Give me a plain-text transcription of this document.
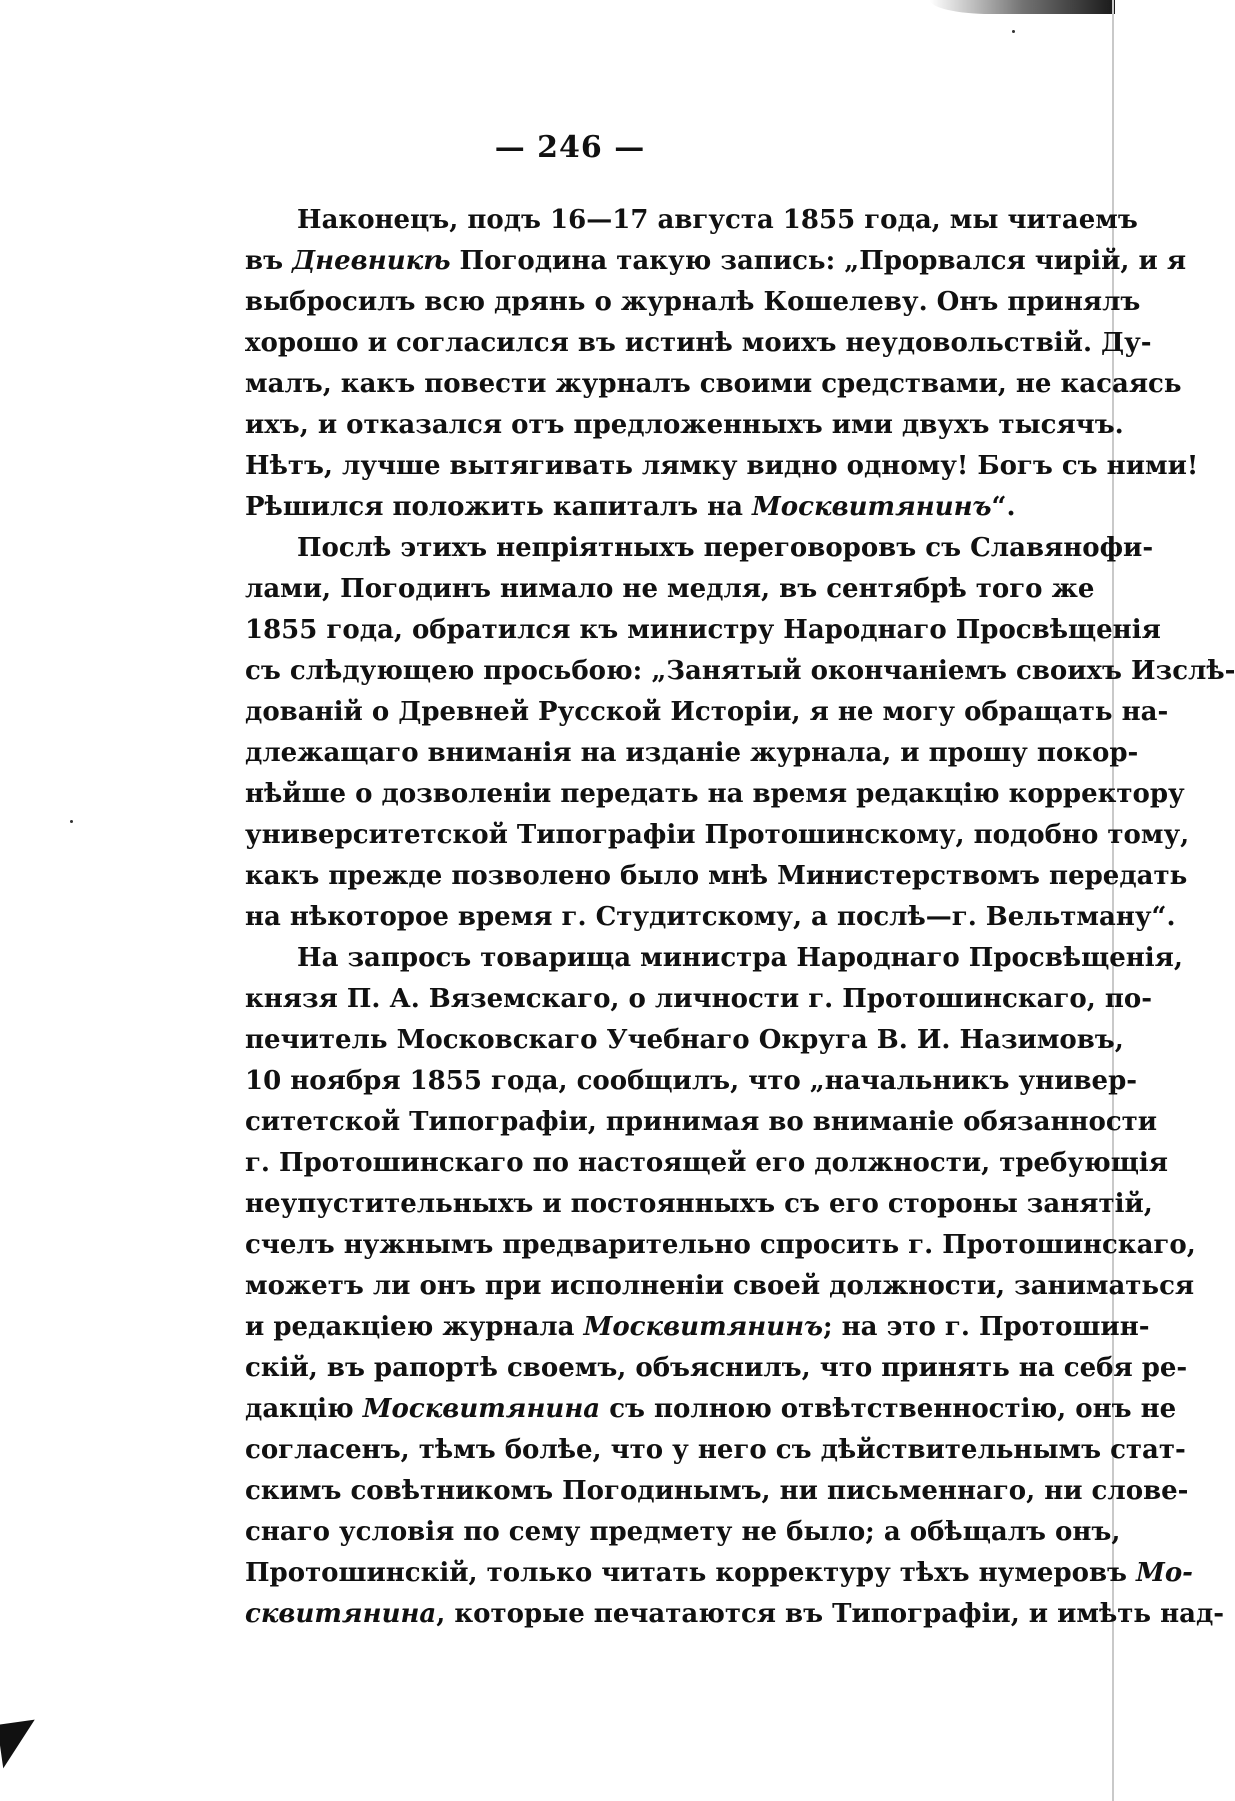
— 246 —
Наконецъ, подъ 16—17 августа 1855 года, мы читаемъ
въ Дневникѣ Погодина такую запись: „Прорвался чирій, и я
выбросилъ всю дрянь о журналѣ Кошелеву. Онъ принялъ
хорошо и согласился въ истинѣ моихъ неудовольствій. Ду-
малъ, какъ повести журналъ своими средствами, не касаясь
ихъ, и отказался отъ предложенныхъ ими двухъ тысячъ.
Нѣтъ, лучше вытягивать лямку видно одному! Богъ съ ними!
Рѣшился положить капиталъ на Москвитянинъ“.
Послѣ этихъ непріятныхъ переговоровъ съ Славянофи-
лами, Погодинъ нимало не медля, въ сентябрѣ того же
1855 года, обратился къ министру Народнаго Просвѣщенія
съ слѣдующею просьбою: „Занятый окончаніемъ своихъ Изслѣ-
дованій о Древней Русской Исторіи, я не могу обращать на-
длежащаго вниманія на изданіе журнала, и прошу покор-
нѣйше о дозволеніи передать на время редакцію корректору
университетской Типографіи Протошинскому, подобно тому,
какъ прежде позволено было мнѣ Министерствомъ передать
на нѣкоторое время г. Студитскому, а послѣ—г. Вельтману“.
На запросъ товарища министра Народнаго Просвѣщенія,
князя П. А. Вяземскаго, о личности г. Протошинскаго, по-
печитель Московскаго Учебнаго Округа В. И. Назимовъ,
10 ноября 1855 года, сообщилъ, что „начальникъ универ-
ситетской Типографіи, принимая во вниманіе обязанности
г. Протошинскаго по настоящей его должности, требующія
неупустительныхъ и постоянныхъ съ его стороны занятій,
счелъ нужнымъ предварительно спросить г. Протошинскаго,
можетъ ли онъ при исполненіи своей должности, заниматься
и редакціею журнала Москвитянинъ; на это г. Протошин-
скій, въ рапортѣ своемъ, объяснилъ, что принять на себя ре-
дакцію Москвитянина съ полною отвѣтственностію, онъ не
согласенъ, тѣмъ болѣе, что у него съ дѣйствительнымъ стат-
скимъ совѣтникомъ Погодинымъ, ни письменнаго, ни слове-
снаго условія по сему предмету не было; а обѣщалъ онъ,
Протошинскій, только читать корректуру тѣхъ нумеровъ Мо-
сквитянина, которые печатаются въ Типографіи, и имѣть над-
